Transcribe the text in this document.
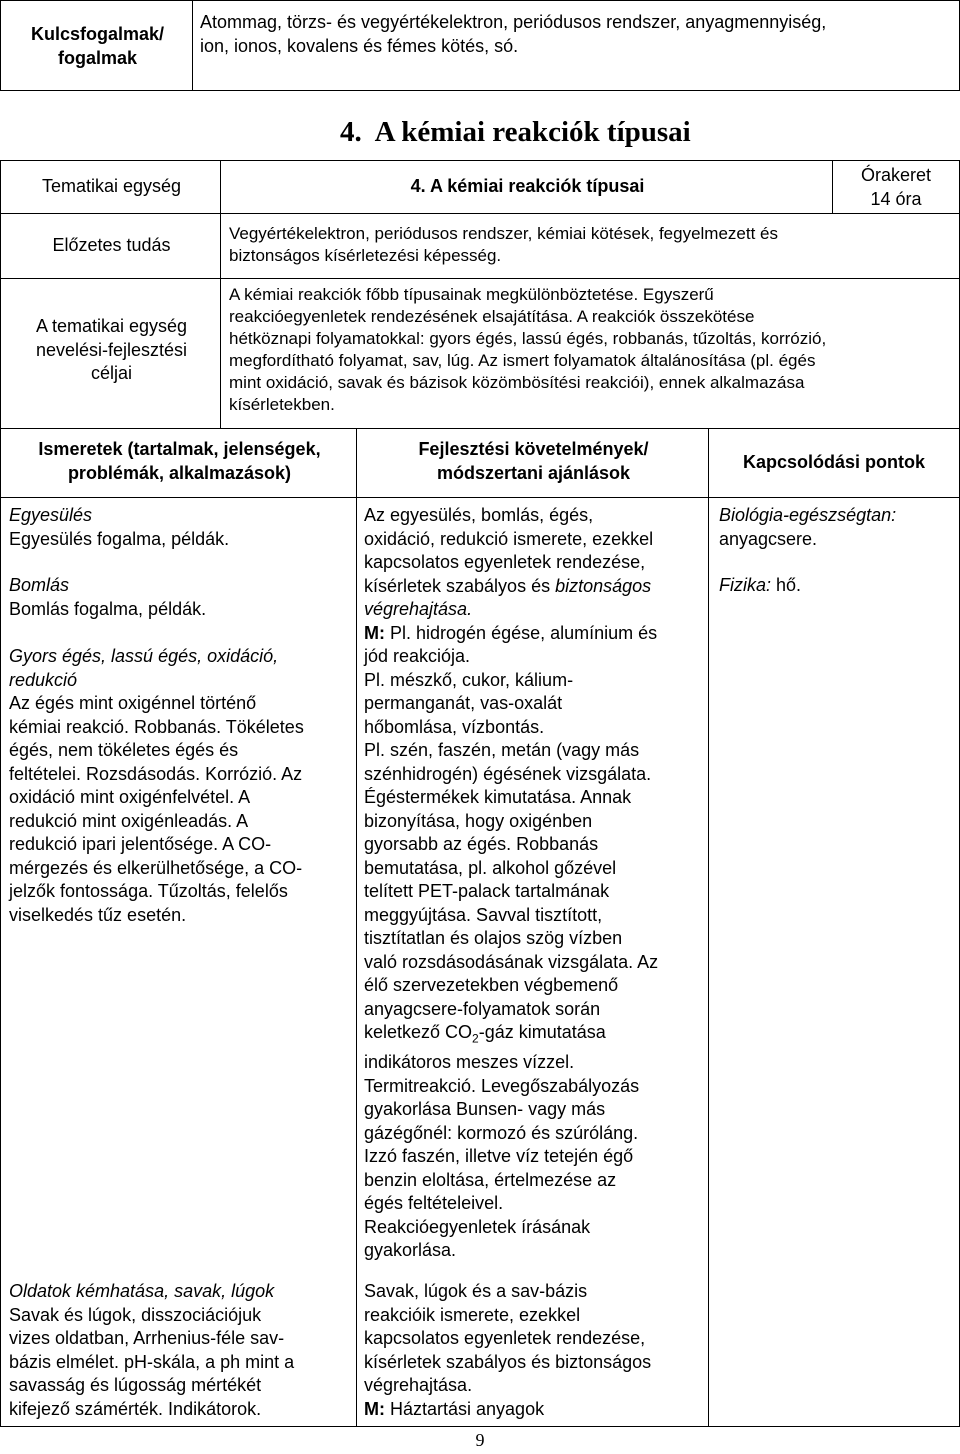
Kulcsfogalmak/
fogalmak
Atommag, törzs- és vegyértékelektron, periódusos rendszer, anyagmennyiség,
ion, ionos, kovalens és fémes kötés, só.
4.  A kémiai reakciók típusai
Tematikai egység	4. A kémiai reakciók típusai
Órakeret
14 óra
Előzetes tudás
Vegyértékelektron, periódusos rendszer, kémiai kötések, fegyelmezett és
biztonságos kísérletezési képesség.
A tematikai egység
nevelési-fejlesztési
céljai
A kémiai reakciók főbb típusainak megkülönböztetése. Egyszerű
reakcióegyenletek rendezésének elsajátítása. A reakciók összekötése
hétköznapi folyamatokkal: gyors égés, lassú égés, robbanás, tűzoltás, korrózió,
megfordítható folyamat, sav, lúg. Az ismert folyamatok általánosítása (pl. égés
mint oxidáció, savak és bázisok közömbösítési reakciói), ennek alkalmazása
kísérletekben.
Ismeretek (tartalmak, jelenségek,
problémák, alkalmazások)
Fejlesztési követelmények/
módszertani ajánlások
Kapcsolódási pontok
Egyesülés
Egyesülés fogalma, példák.
Bomlás
Bomlás fogalma, példák.
Gyors égés, lassú égés, oxidáció,
redukció
Az égés mint oxigénnel történő
kémiai reakció. Robbanás. Tökéletes
égés, nem tökéletes égés és
feltételei. Rozsdásodás. Korrózió. Az
oxidáció mint oxigénfelvétel. A
redukció mint oxigénleadás. A
redukció ipari jelentősége. A CO-
mérgezés és elkerülhetősége, a CO-
jelzők fontossága. Tűzoltás, felelős
viselkedés tűz esetén.
Oldatok kémhatása, savak, lúgok
Savak és lúgok, disszociációjuk
vizes oldatban, Arrhenius-féle sav-
bázis elmélet. pH-skála, a ph mint a
savasság és lúgosság mértékét
kifejező számérték. Indikátorok.
Az egyesülés, bomlás, égés,
oxidáció, redukció ismerete, ezekkel
kapcsolatos egyenletek rendezése,
kísérletek szabályos és biztonságos
végrehajtása.
M: Pl. hidrogén égése, alumínium és
jód reakciója.
Pl. mészkő, cukor, kálium-
permanganát, vas-oxalát
hőbomlása, vízbontás.
Pl. szén, faszén, metán (vagy más
szénhidrogén) égésének vizsgálata.
Égéstermékek kimutatása. Annak
bizonyítása, hogy oxigénben
gyorsabb az égés. Robbanás
bemutatása, pl. alkohol gőzével
telített PET-palack tartalmának
meggyújtása. Savval tisztított,
tisztítatlan és olajos szög vízben
való rozsdásodásának vizsgálata. Az
élő szervezetekben végbemenő
anyagcsere-folyamatok során
keletkező $CO_2$-gáz kimutatása
indikátoros meszes vízzel.
Termitreakció. Levegőszabályozás
gyakorlása Bunsen- vagy más
gázégőnél: kormozó és szúróláng.
Izzó faszén, illetve víz tetején égő
benzin eloltása, értelmezése az
égés feltételeivel.
Reakcióegyenletek írásának
gyakorlása.
Savak, lúgok és a sav-bázis
reakcióik ismerete, ezekkel
kapcsolatos egyenletek rendezése,
kísérletek szabályos és biztonságos
végrehajtása.
M: Háztartási anyagok
Biológia-egészségtan:
anyagcsere.
Fizika: hő.
9
